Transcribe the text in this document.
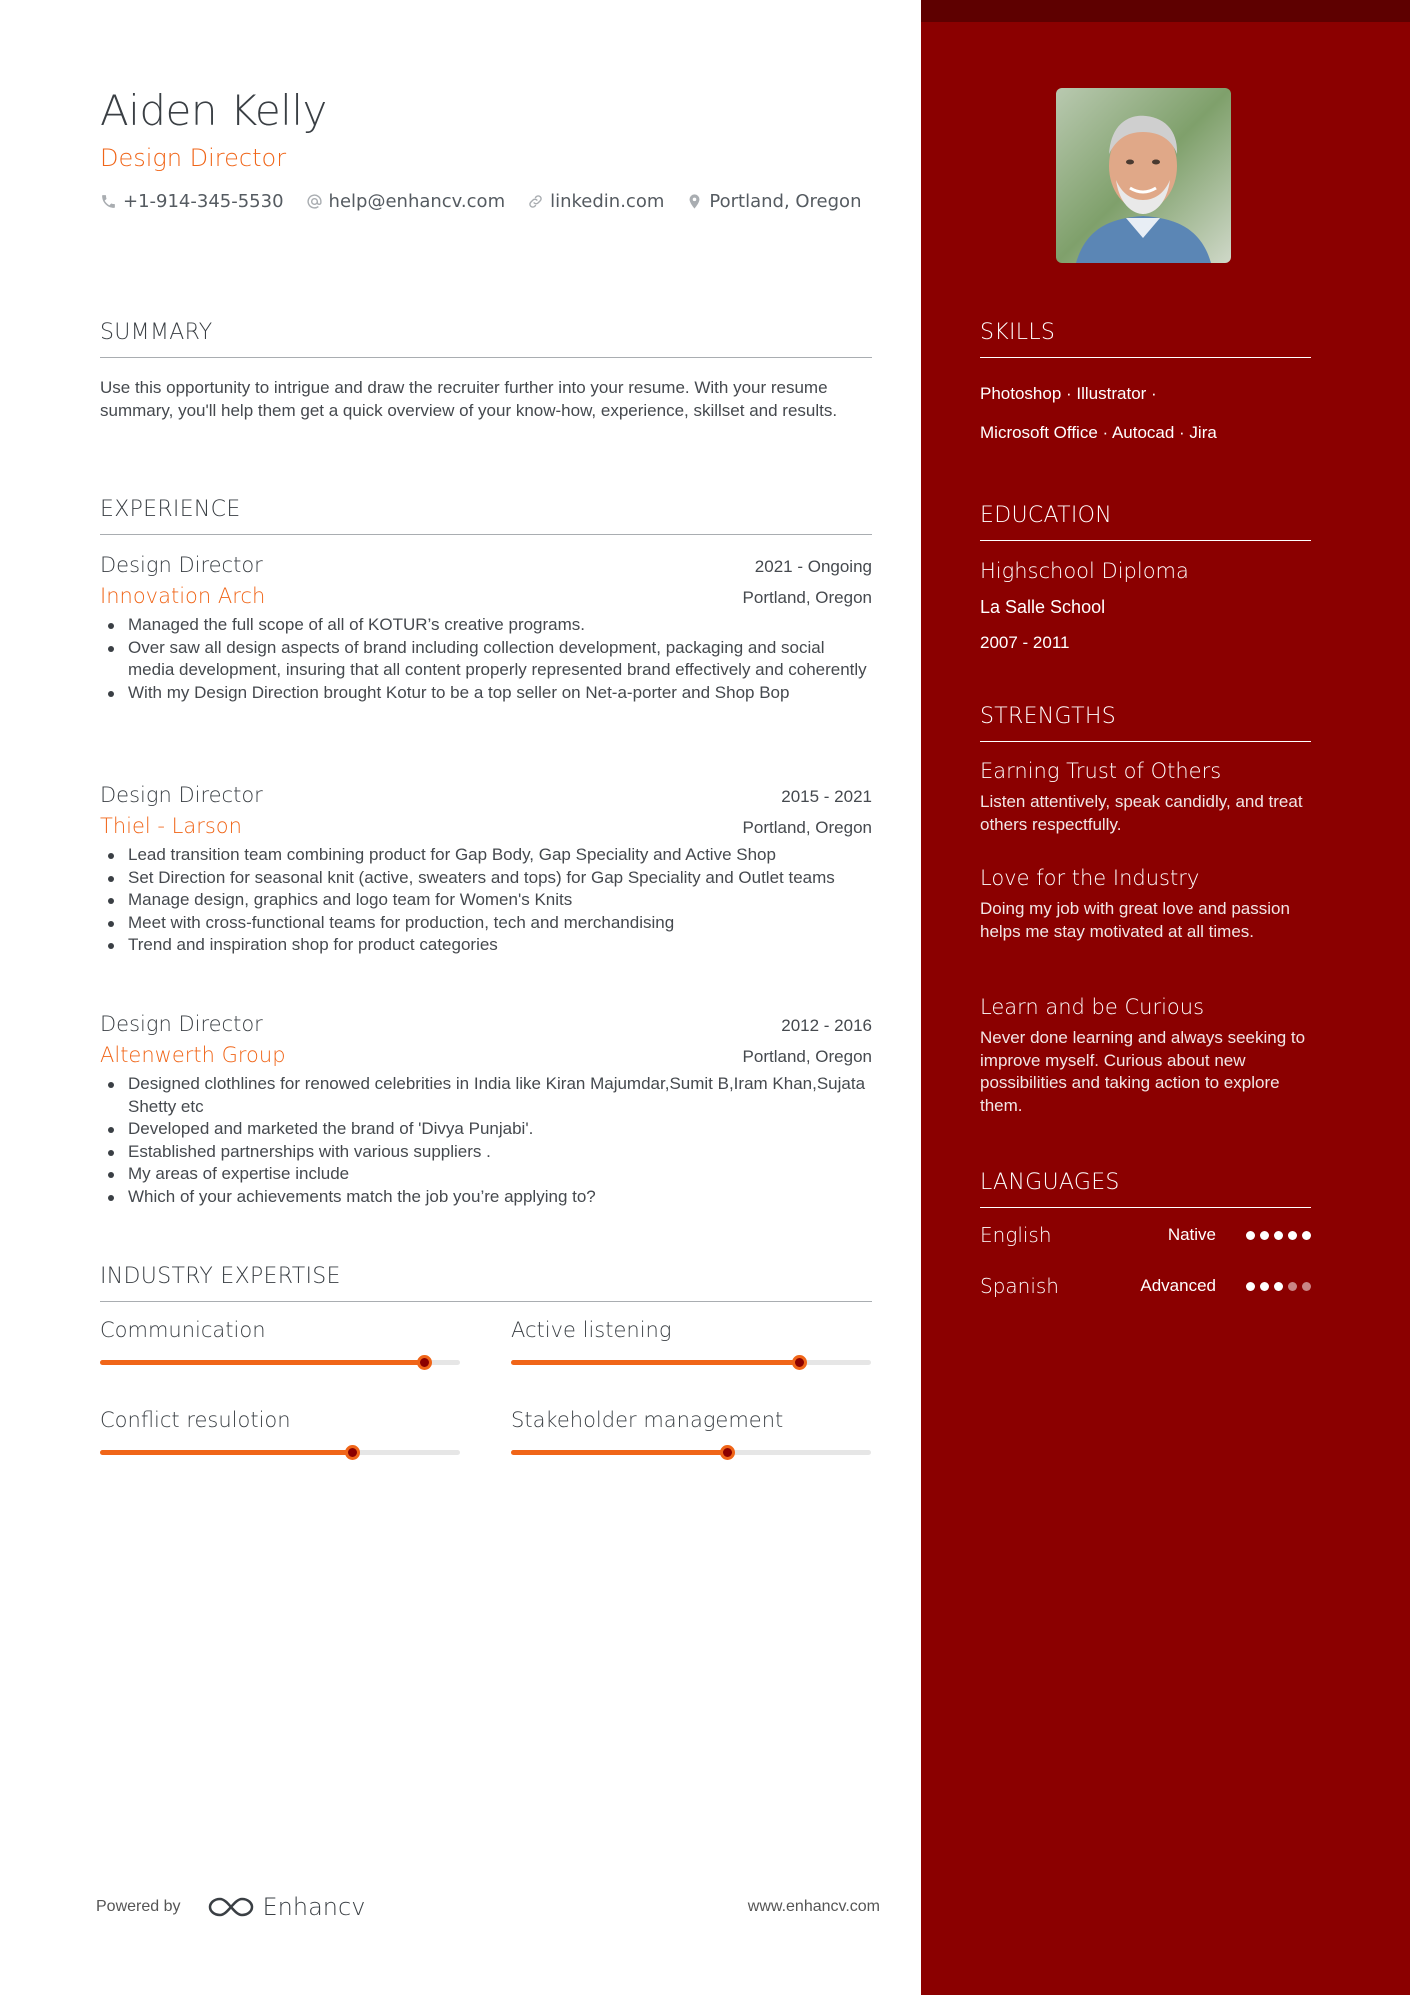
Aiden Kelly
Design Director
+1-914-345-5530	help@enhancv.com	linkedin.com	Portland, Oregon
SUMMARY
Use this opportunity to intrigue and draw the recruiter further into your resume. With your resume summary, you'll help them get a quick overview of your know-how, experience, skillset and results.
EXPERIENCE
Design Director	2021 - Ongoing
Innovation Arch	Portland, Oregon
Managed the full scope of all of KOTUR’s creative programs.
Over saw all design aspects of brand including collection development, packaging and social media development, insuring that all content properly represented brand effectively and coherently
With my Design Direction brought Kotur to be a top seller on Net-a-porter and Shop Bop
Design Director	2015 - 2021
Thiel - Larson	Portland, Oregon
Lead transition team combining product for Gap Body, Gap Speciality and Active Shop
Set Direction for seasonal knit (active, sweaters and tops) for Gap Speciality and Outlet teams
Manage design, graphics and logo team for Women's Knits
Meet with cross-functional teams for production, tech and merchandising
Trend and inspiration shop for product categories
Design Director	2012 - 2016
Altenwerth Group	Portland, Oregon
Designed clothlines for renowed celebrities in India like Kiran Majumdar,Sumit B,Iram Khan,Sujata Shetty etc
Developed and marketed the brand of 'Divya Punjabi'.
Established partnerships with various suppliers .
My areas of expertise include
Which of your achievements match the job you’re applying to?
INDUSTRY EXPERTISE
Communication	Active listening
Conflict resulotion	Stakeholder management
Powered by	Enhancv	www.enhancv.com
SKILLS
Photoshop · Illustrator ·
Microsoft Office · Autocad · Jira
EDUCATION
Highschool Diploma
La Salle School
2007 - 2011
STRENGTHS
Earning Trust of Others
Listen attentively, speak candidly, and treat others respectfully.
Love for the Industry
Doing my job with great love and passion helps me stay motivated at all times.
Learn and be Curious
Never done learning and always seeking to improve myself. Curious about new possibilities and taking action to explore them.
LANGUAGES
English	Native
Spanish	Advanced
